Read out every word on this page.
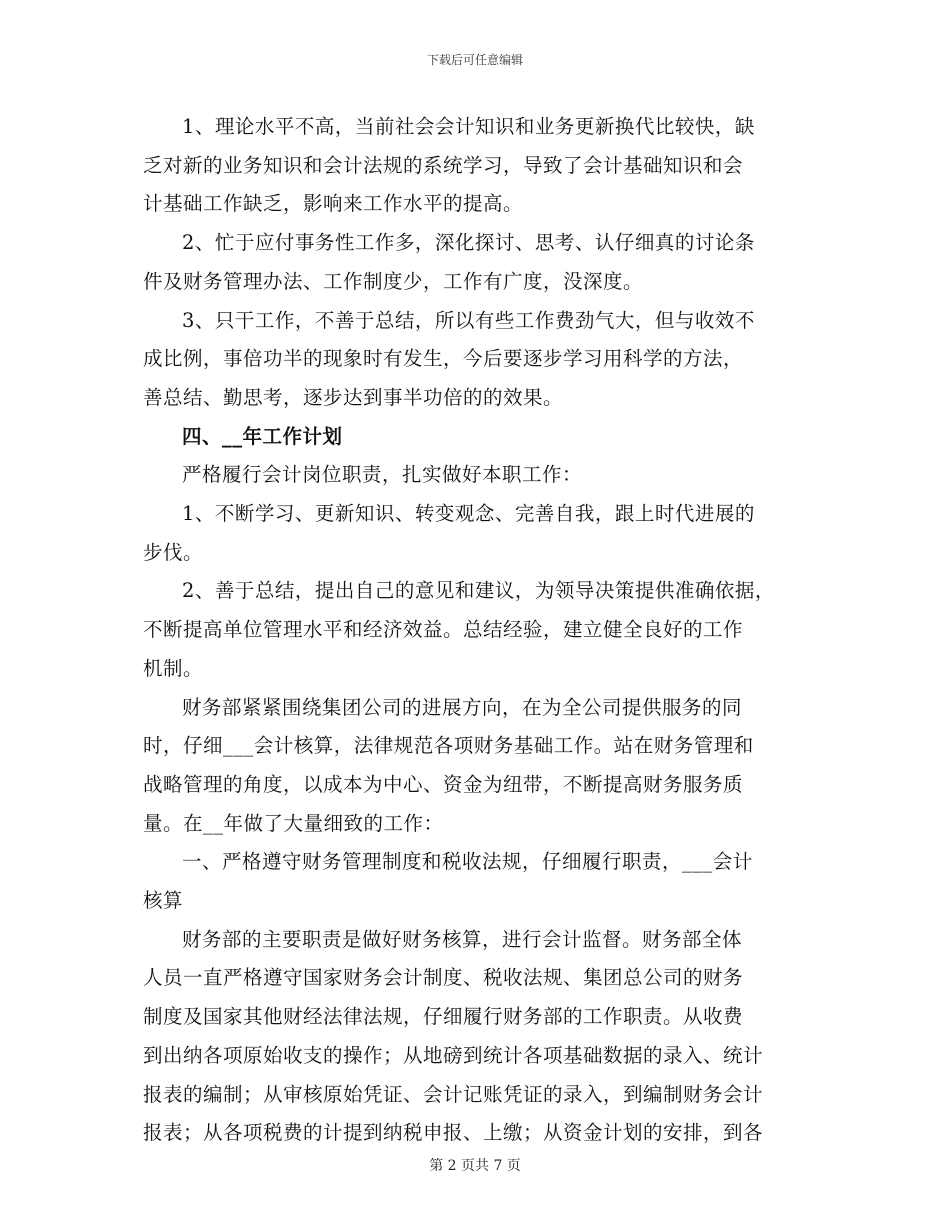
下载后可任意编辑

1、理论水平不高，当前社会会计知识和业务更新换代比较快，缺
乏对新的业务知识和会计法规的系统学习，导致了会计基础知识和会
计基础工作缺乏，影响来工作水平的提高。

2、忙于应付事务性工作多，深化探讨、思考、认仔细真的讨论条
件及财务管理办法、工作制度少，工作有广度，没深度。

3、只干工作，不善于总结，所以有些工作费劲气大，但与收效不
成比例，事倍功半的现象时有发生，今后要逐步学习用科学的方法，
善总结、勤思考，逐步达到事半功倍的的效果。

四、__年工作计划

严格履行会计岗位职责，扎实做好本职工作：

1、不断学习、更新知识、转变观念、完善自我，跟上时代进展的
步伐。

2、善于总结，提出自己的意见和建议，为领导决策提供准确依据，
不断提高单位管理水平和经济效益。总结经验，建立健全良好的工作
机制。

财务部紧紧围绕集团公司的进展方向，在为全公司提供服务的同
时，仔细___会计核算，法律规范各项财务基础工作。站在财务管理和
战略管理的角度，以成本为中心、资金为纽带，不断提高财务服务质
量。在__年做了大量细致的工作：

一、严格遵守财务管理制度和税收法规，仔细履行职责，___会计
核算

财务部的主要职责是做好财务核算，进行会计监督。财务部全体
人员一直严格遵守国家财务会计制度、税收法规、集团总公司的财务
制度及国家其他财经法律法规，仔细履行财务部的工作职责。从收费
到出纳各项原始收支的操作；从地磅到统计各项基础数据的录入、统计
报表的编制；从审核原始凭证、会计记账凭证的录入，到编制财务会计
报表；从各项税费的计提到纳税申报、上缴；从资金计划的安排，到各

第 2 页共 7 页
